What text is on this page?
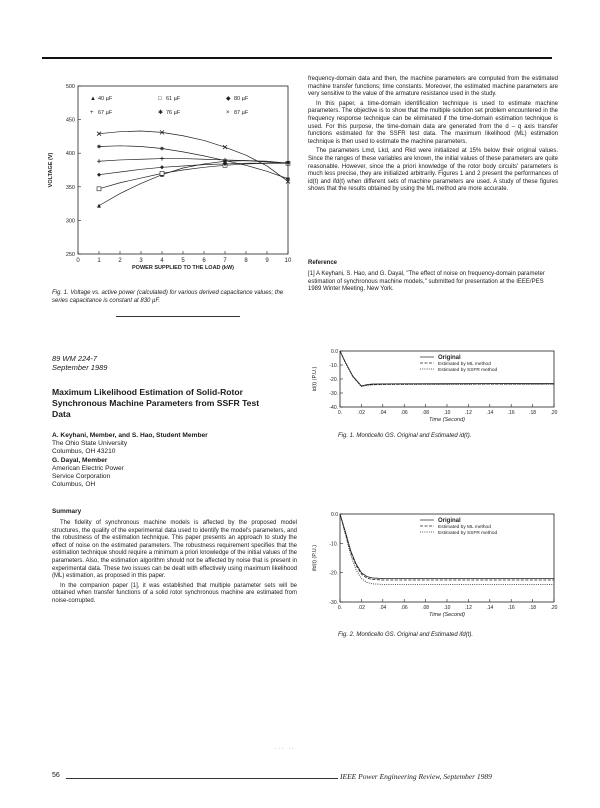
0	1	2	3	4	5	6	7	8	9	10
250
300
350
400
450
500
POWER SUPPLIED TO THE LOAD (kW)
VOLTAGE (V)
▲ 40 µF	□ 61 µF	◆ 80 µF
+ 67 µF	✱ 76 µF	× 87 µF
Fig. 1. Voltage vs. active power (calculated) for various derived capacitance values; the series capacitance is constant at 830 µF.

frequency-domain data and then, the machine parameters are computed from the estimated machine transfer functions; time constants. Moreover, the estimated machine parameters are very sensitive to the value of the armature resistance used in the study.

In this paper, a time-domain identification technique is used to estimate machine parameters. The objective is to show that the multiple solution set problem encountered in the frequency response technique can be eliminated if the time-domain estimation technique is used. For this purpose, the time-domain data are generated from the d – q axis transfer functions estimated for the SSFR test data. The maximum likelihood (ML) estimation technique is then used to estimate the machine parameters.

The parameters Lmd, Lkd, and Rkd were initialized at 15% below their original values. Since the ranges of these variables are known, the initial values of these parameters are quite reasonable. However, since the a priori knowledge of the rotor body circuits' parameters is much less precise, they are initialized arbitrarily. Figures 1 and 2 present the performances of id(t) and ifd(t) when different sets of machine parameters are used. A study of these figures shows that the results obtained by using the ML method are more accurate.

Reference
[1] A Keyhani, S. Hao, and G. Dayal, "The effect of noise on frequency-domain parameter estimation of synchronous machine models," submitted for presentation at the IEEE/PES 1989 Winter Meeting, New York.
89 WM 224-7
September 1989
Maximum Likelihood Estimation of Solid-Rotor Synchronous Machine Parameters from SSFR Test Data
A. Keyhani, Member, and S. Hao, Student Member
The Ohio State University
Columbus, OH 43210
G. Dayal, Member
American Electric Power
Service Corporation
Columbus, OH
Summary

The fidelity of synchronous machine models is affected by the proposed model structures, the quality of the experimental data used to identify the model's parameters, and the robustness of the estimation technique. This paper presents an approach to study the effect of noise on the estimated parameters. The robustness requirement specifies that the estimation technique should require a minimum a priori knowledge of the initial values of the parameters. Also, the estimation algorithm should not be affected by noise that is present in experimental data. These two issues can be dealt with effectively using maximum likelihood (ML) estimation, as proposed in this paper.

In the companion paper [1], it was established that multiple parameter sets will be obtained when transfer functions of a solid rotor synchronous machine are estimated from noise-corrupted.

0.	.02	.04	.06	.08	.10	.12	.14	.16	.18	.20
0.0
-10.
-20.
-30.
-40.
Time (Second)
id(t) (P.U.)
Original
Estimated by ML method
Estimated by SSFR method
Fig. 1. Monticello GS. Original and Estimated id(t).
0.	.02	.04	.06	.08	.10	.12	.14	.16	.18	.20
0.0
-10.
-20.
-30.
Time (Second)
ifd(t) (P.U.)
Original
Estimated by ML method
Estimated by SSFR method
Fig. 2. Monticello GS. Original and Estimated ifd(t).
... ..
56	IEEE Power Engineering Review, September 1989
